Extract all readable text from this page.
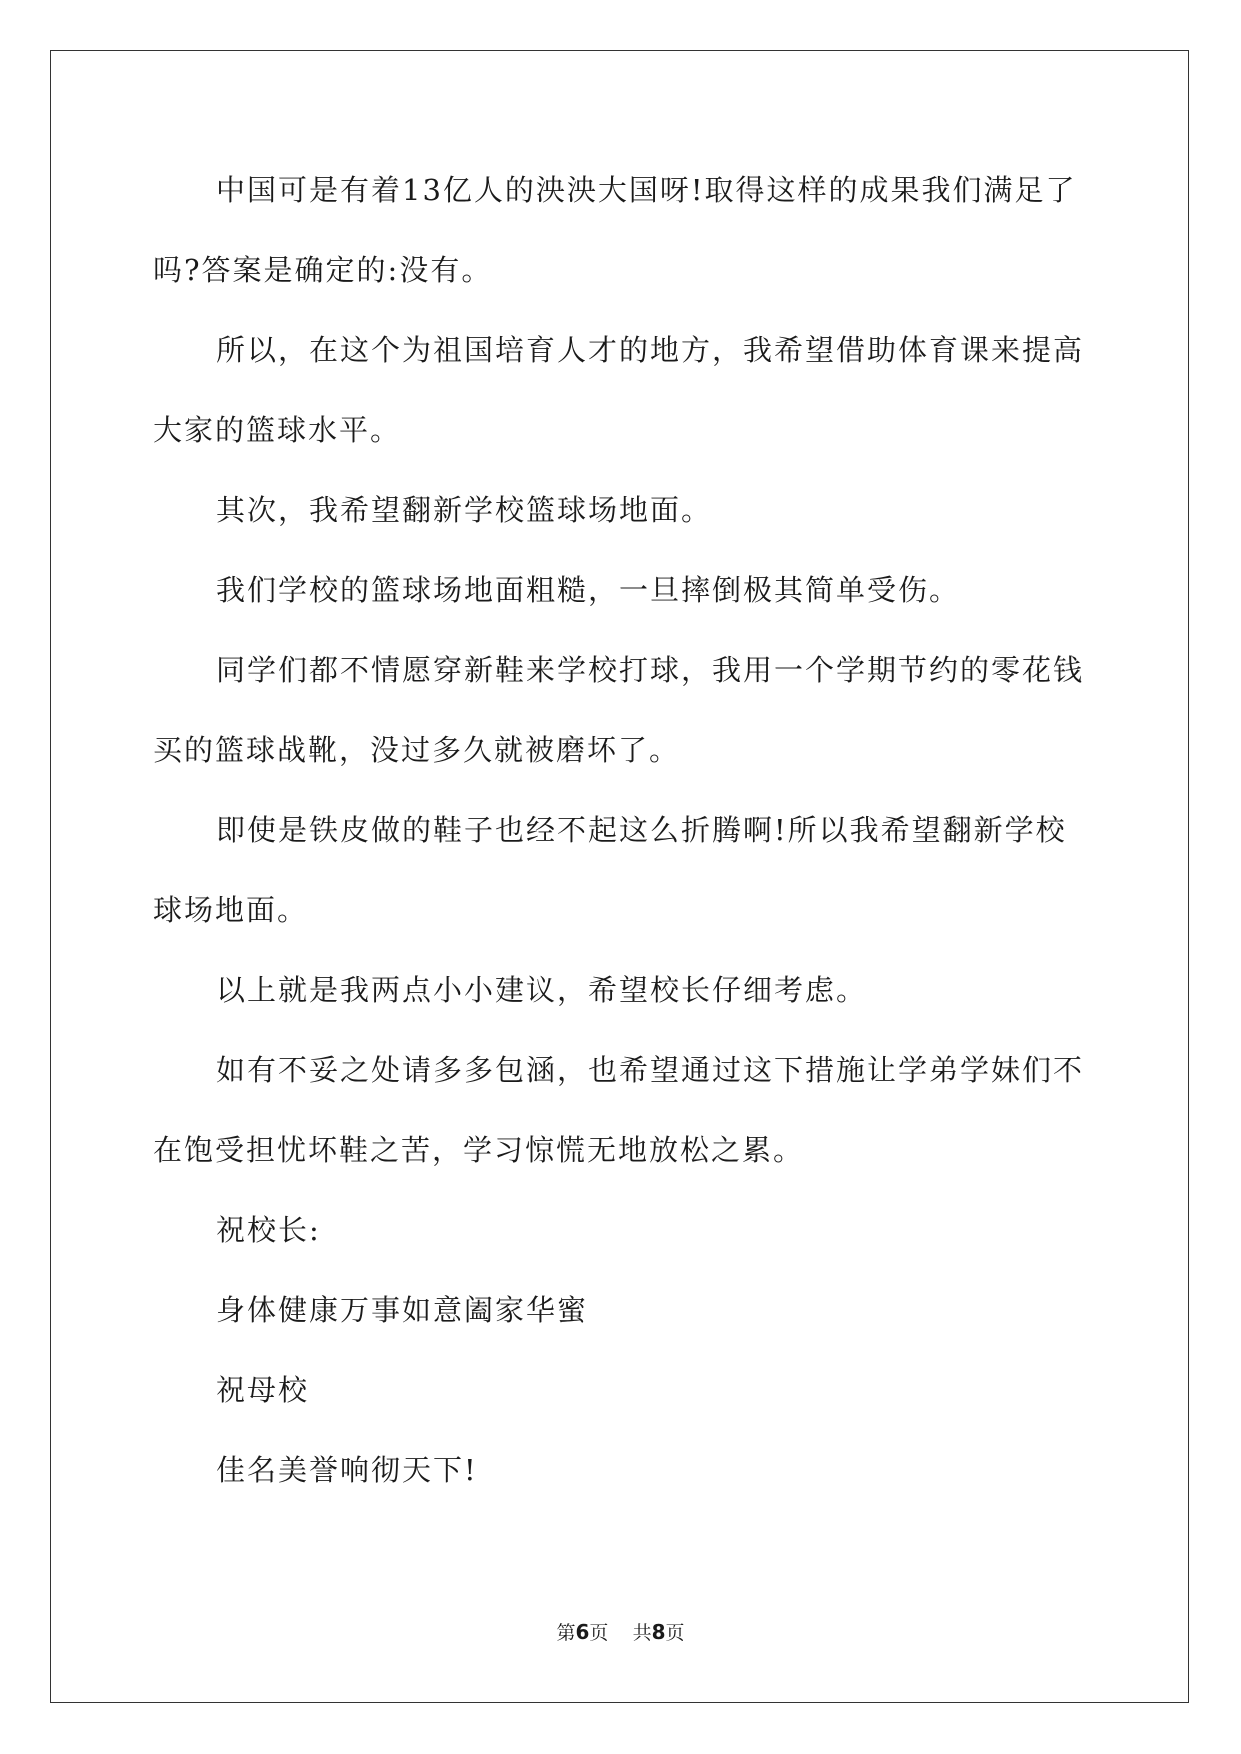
中国可是有着13亿人的泱泱大国呀!取得这样的成果我们满足了
吗?答案是确定的:没有。
所以，在这个为祖国培育人才的地方，我希望借助体育课来提高
大家的篮球水平。
其次，我希望翻新学校篮球场地面。
我们学校的篮球场地面粗糙，一旦摔倒极其简单受伤。
同学们都不情愿穿新鞋来学校打球，我用一个学期节约的零花钱
买的篮球战靴，没过多久就被磨坏了。
即使是铁皮做的鞋子也经不起这么折腾啊!所以我希望翻新学校
球场地面。
以上就是我两点小小建议，希望校长仔细考虑。
如有不妥之处请多多包涵，也希望通过这下措施让学弟学妹们不
在饱受担忧坏鞋之苦，学习惊慌无地放松之累。
祝校长:
身体健康万事如意阖家华蜜
祝母校
佳名美誉响彻天下!
第6页 共8页
